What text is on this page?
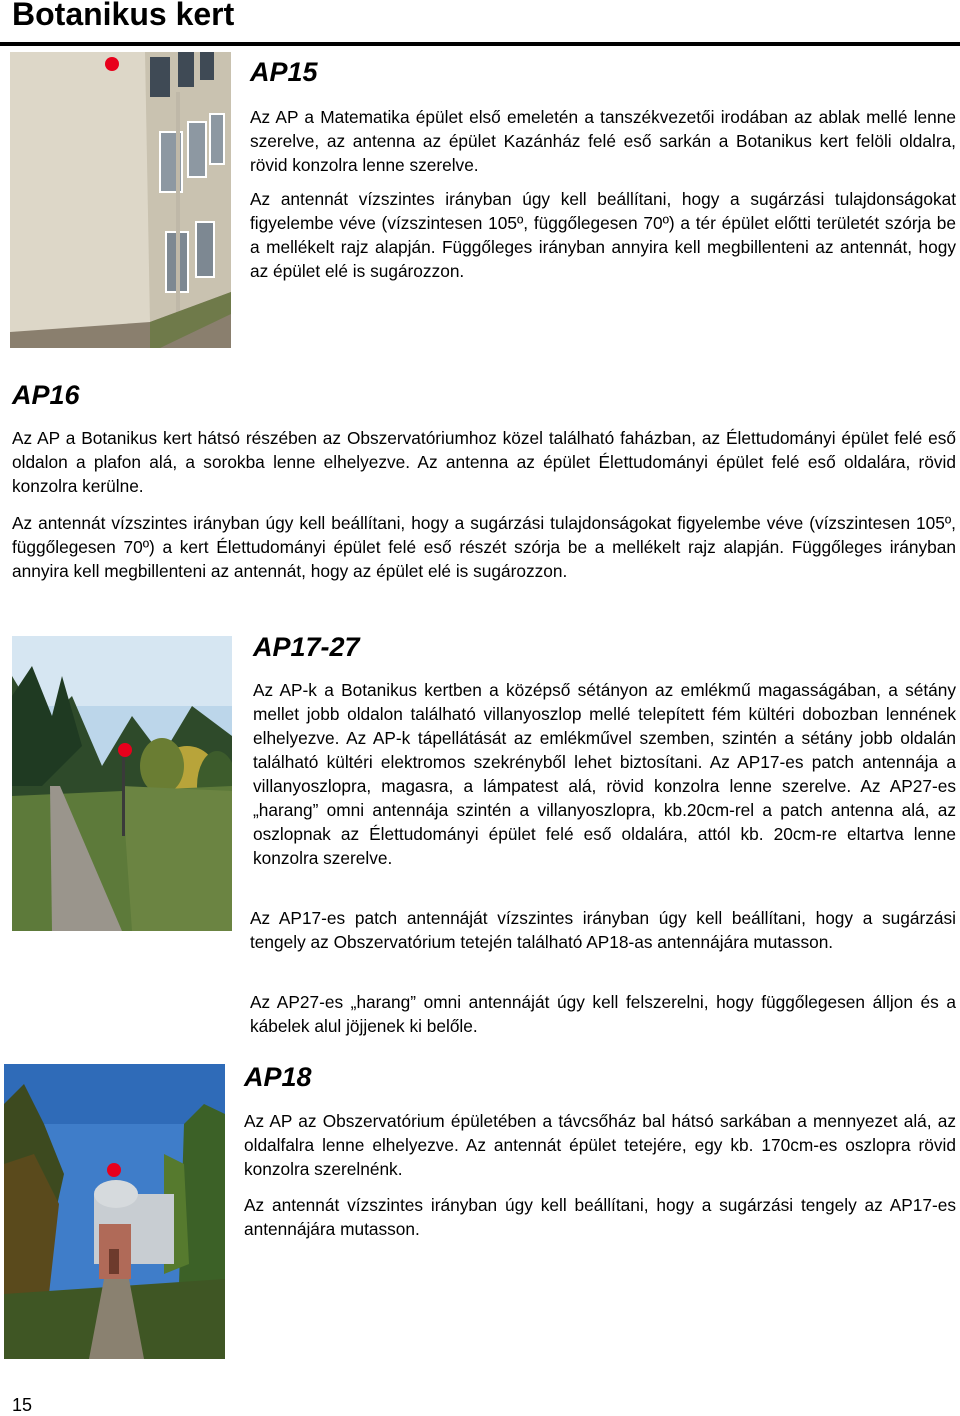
Botanikus kert
AP15

Az AP a Matematika épület első emeletén a tanszékvezetői irodában az ablak mellé lenne szerelve, az antenna az épület Kazánház felé eső sarkán a Botanikus kert felöli oldalra, rövid konzolra lenne szerelve.

Az antennát vízszintes irányban úgy kell beállítani, hogy a sugárzási tulajdonságokat figyelembe véve (vízszintesen 105º, függőlegesen 70º) a tér épület előtti területét szórja be a mellékelt rajz alapján. Függőleges irányban annyira kell megbillenteni az antennát, hogy az épület elé is sugározzon.

AP16

Az AP a Botanikus kert hátsó részében az Obszervatóriumhoz közel található faházban, az Élettudományi épület felé eső oldalon a plafon alá, a sorokba lenne elhelyezve. Az antenna az épület Élettudományi épület felé eső oldalára, rövid konzolra kerülne.

Az antennát vízszintes irányban úgy kell beállítani, hogy a sugárzási tulajdonságokat figyelembe véve (vízszintesen 105º, függőlegesen 70º) a kert Élettudományi épület felé eső részét szórja be a mellékelt rajz alapján. Függőleges irányban annyira kell megbillenteni az antennát, hogy az épület elé is sugározzon.

AP17-27

Az AP-k a Botanikus kertben a középső sétányon az emlékmű magasságában, a sétány mellet jobb oldalon található villanyoszlop mellé telepített fém kültéri dobozban lennének elhelyezve. Az AP-k tápellátását az emlékművel szemben, szintén a sétány jobb oldalán található kültéri elektromos szekrényből lehet biztosítani. Az AP17-es patch antennája a villanyoszlopra, magasra, a lámpatest alá, rövid konzolra lenne szerelve. Az AP27-es „harang” omni antennája szintén a villanyoszlopra, kb.20cm-rel a patch antenna alá, az oszlopnak az Élettudományi épület felé eső oldalára, attól kb. 20cm-re eltartva lenne konzolra szerelve.

Az AP17-es patch antennáját vízszintes irányban úgy kell beállítani, hogy a sugárzási tengely az Obszervatórium tetején található AP18-as antennájára mutasson.

Az AP27-es „harang” omni antennáját úgy kell felszerelni, hogy függőlegesen álljon és a kábelek alul jöjjenek ki belőle.

AP18

Az AP az Obszervatórium épületében a távcsőház bal hátsó sarkában a mennyezet alá, az oldalfalra lenne elhelyezve. Az antennát épület tetejére, egy kb. 170cm-es oszlopra rövid konzolra szerelnénk.

Az antennát vízszintes irányban úgy kell beállítani, hogy a sugárzási tengely az AP17-es antennájára mutasson.

15
